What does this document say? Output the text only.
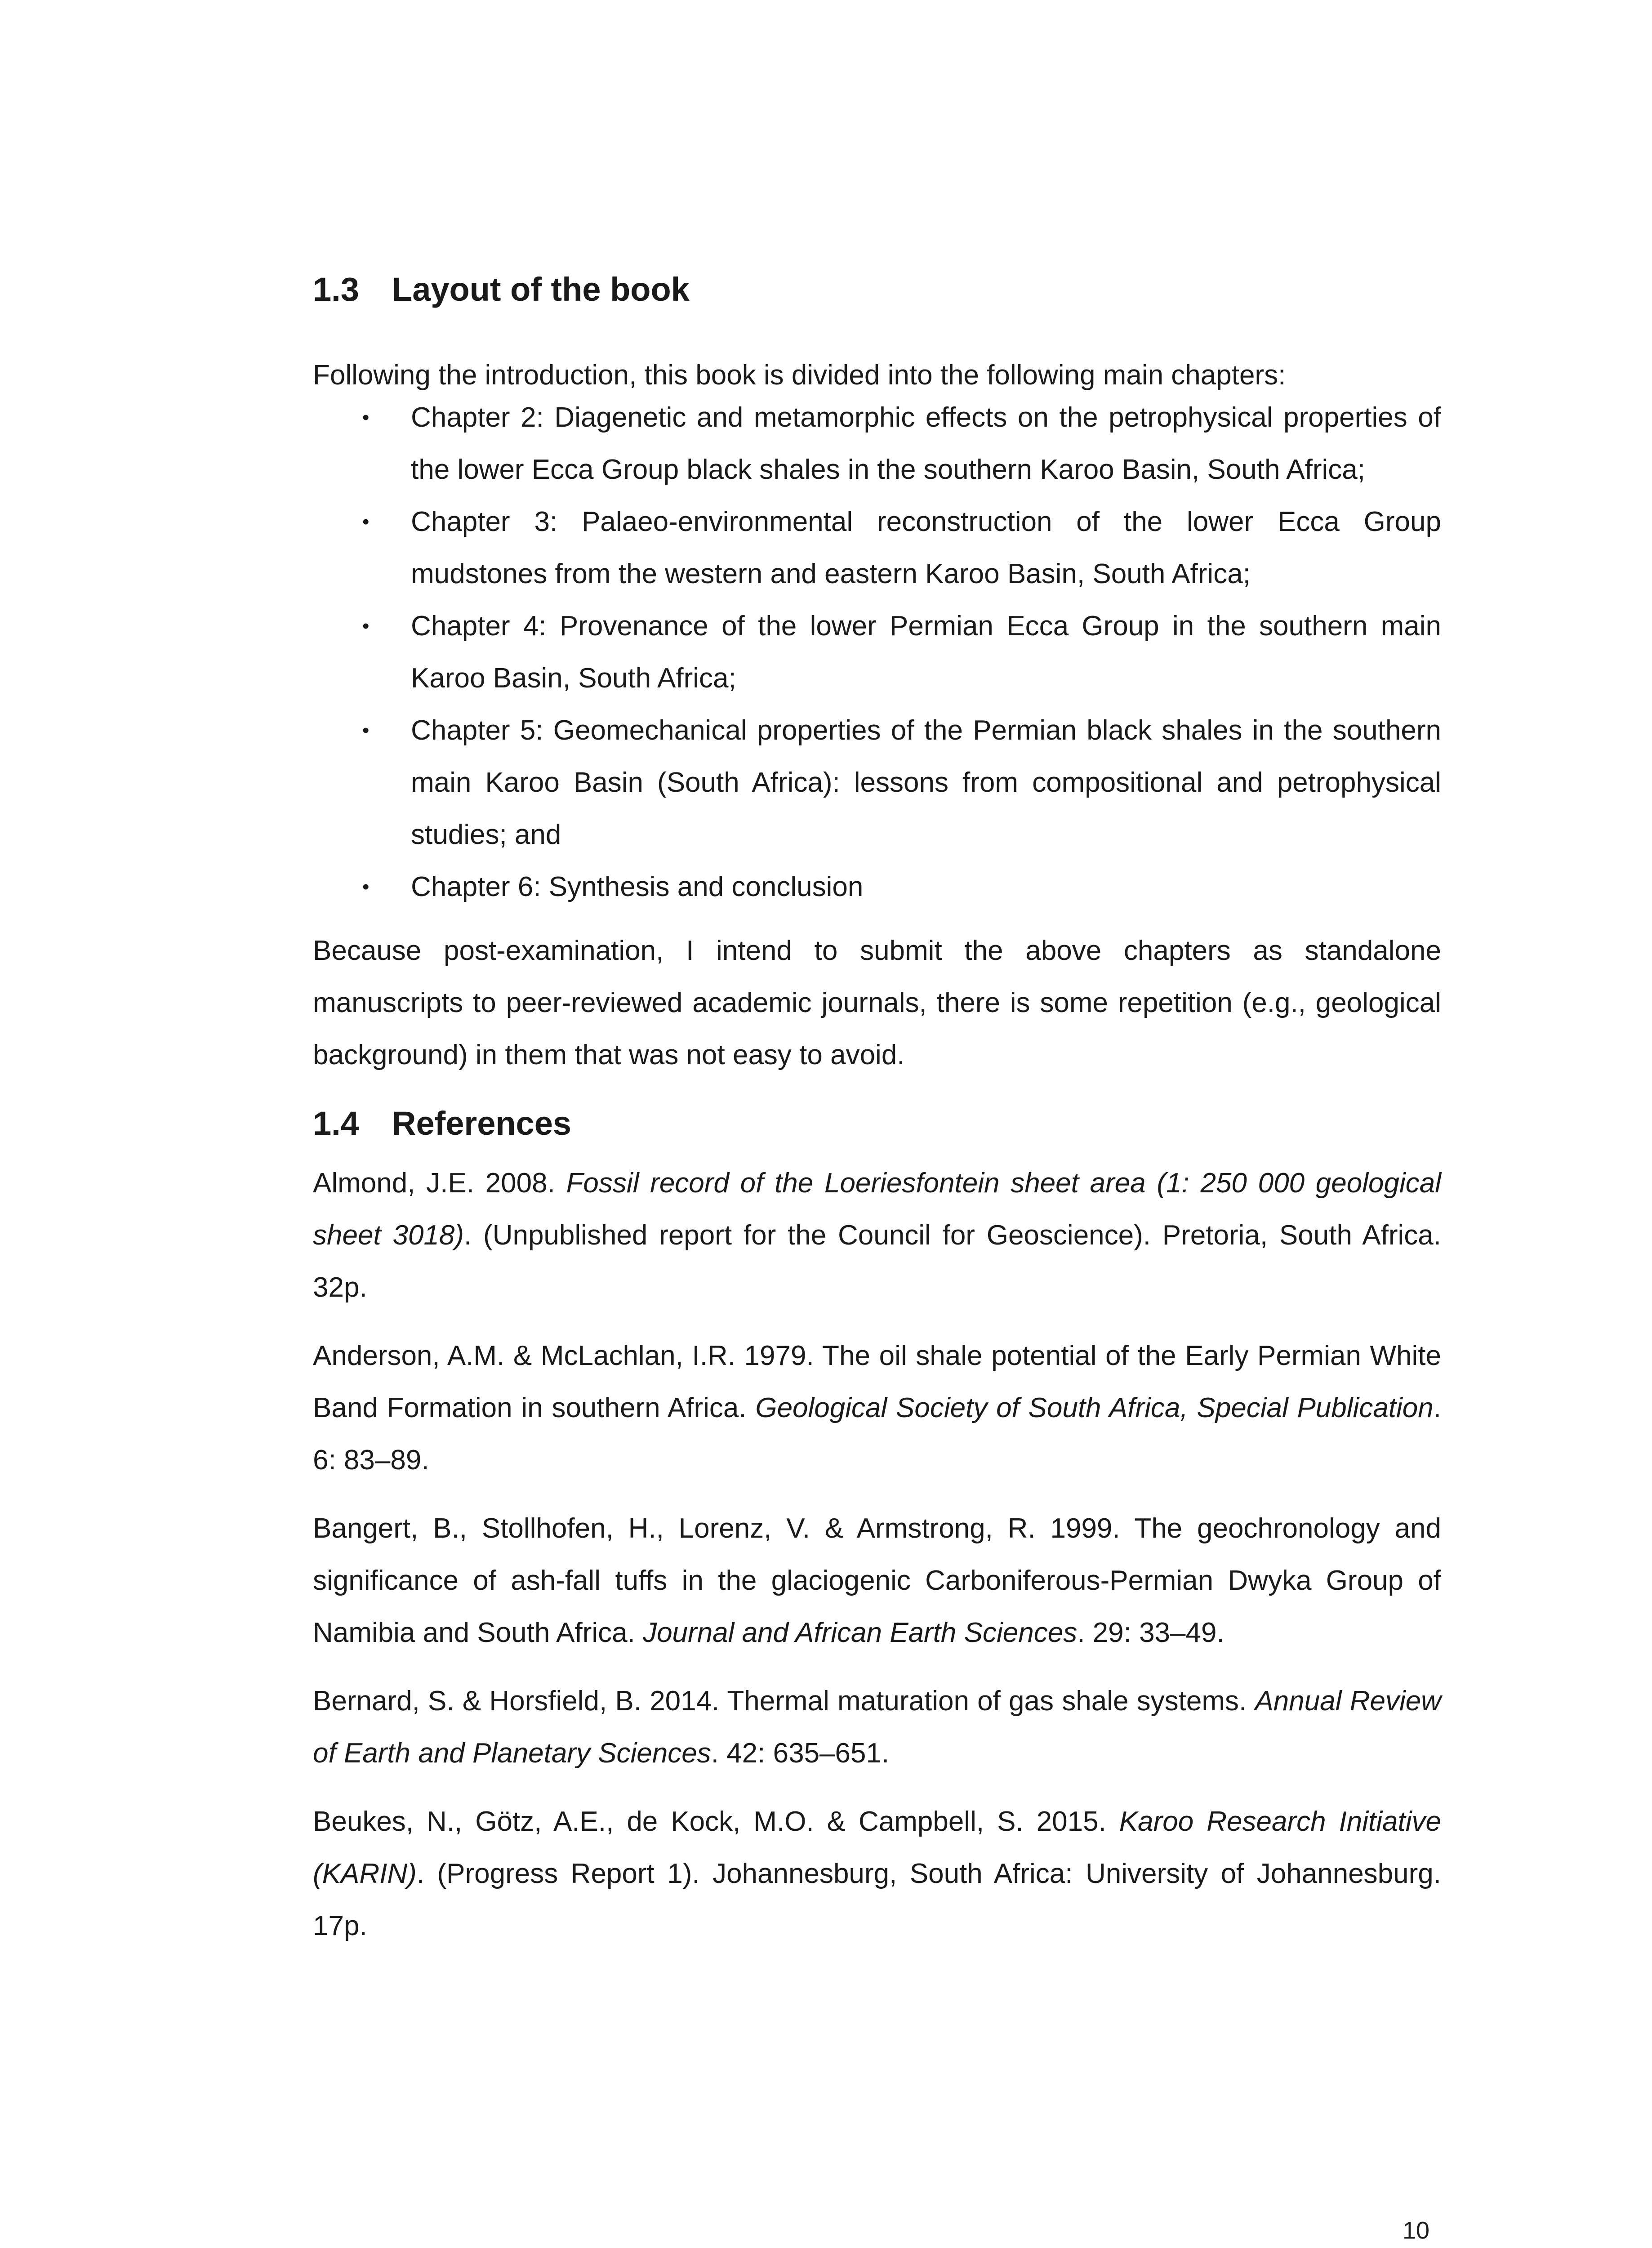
1.3 Layout of the book

Following the introduction, this book is divided into the following main chapters:

• Chapter 2: Diagenetic and metamorphic effects on the petrophysical properties of the lower Ecca Group black shales in the southern Karoo Basin, South Africa;
• Chapter 3: Palaeo-environmental reconstruction of the lower Ecca Group mudstones from the western and eastern Karoo Basin, South Africa;
• Chapter 4: Provenance of the lower Permian Ecca Group in the southern main Karoo Basin, South Africa;
• Chapter 5: Geomechanical properties of the Permian black shales in the southern main Karoo Basin (South Africa): lessons from compositional and petrophysical studies; and
• Chapter 6: Synthesis and conclusion

Because post-examination, I intend to submit the above chapters as standalone manuscripts to peer-reviewed academic journals, there is some repetition (e.g., geological background) in them that was not easy to avoid.

1.4 References

Almond, J.E. 2008. Fossil record of the Loeriesfontein sheet area (1: 250 000 geological sheet 3018). (Unpublished report for the Council for Geoscience). Pretoria, South Africa. 32p.

Anderson, A.M. & McLachlan, I.R. 1979. The oil shale potential of the Early Permian White Band Formation in southern Africa. Geological Society of South Africa, Special Publication. 6: 83–89.

Bangert, B., Stollhofen, H., Lorenz, V. & Armstrong, R. 1999. The geochronology and significance of ash-fall tuffs in the glaciogenic Carboniferous-Permian Dwyka Group of Namibia and South Africa. Journal and African Earth Sciences. 29: 33–49.

Bernard, S. & Horsfield, B. 2014. Thermal maturation of gas shale systems. Annual Review of Earth and Planetary Sciences. 42: 635–651.

Beukes, N., Götz, A.E., de Kock, M.O. & Campbell, S. 2015. Karoo Research Initiative (KARIN). (Progress Report 1). Johannesburg, South Africa: University of Johannesburg. 17p.

10
